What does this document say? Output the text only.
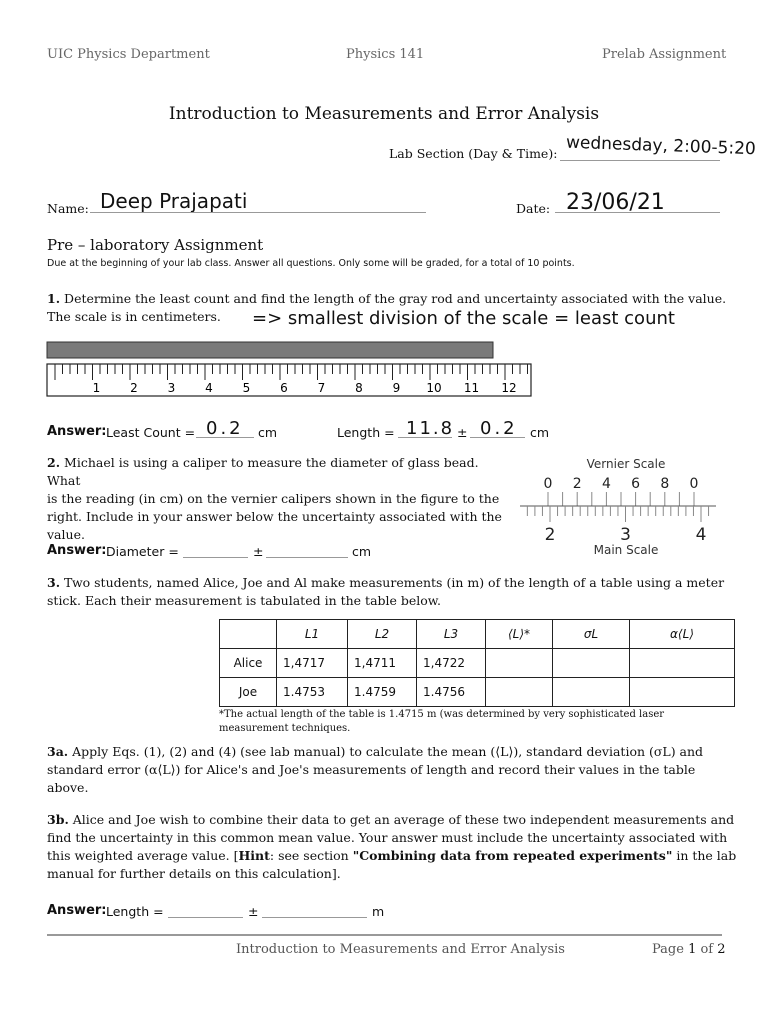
UIC Physics Department	Physics 141	Prelab Assignment
Introduction to Measurements and Error Analysis
Lab Section (Day & Time): wednesday, 2:00-5:20
Name: Deep Prajapati	Date: 23/06/21
Pre – laboratory Assignment
Due at the beginning of your lab class. Answer all questions. Only some will be graded, for a total of 10 points.
1. Determine the least count and find the length of the gray rod and uncertainty associated with the value.
The scale is in centimeters.	=> smallest division of the scale = least count
1 2 3 4 5 6 7 8 9 10 11 12
Answer: Least Count = 0.2 cm	Length = 11.8 ± 0.2 cm
2. Michael is using a caliper to measure the diameter of glass bead. What
is the reading (in cm) on the vernier calipers shown in the figure to the
right. Include in your answer below the uncertainty associated with the
value.
Vernier Scale
0 2 4 6 8 0
2	3	4
Main Scale
Answer: Diameter =	±	cm
3. Two students, named Alice, Joe and Al make measurements (in m) of the length of a table using a meter
stick. Each their measurement is tabulated in the table below.
	L1	L2	L3	⟨L⟩*	σL	α⟨L⟩
Alice	1,4717	1,4711	1,4722			
Joe	1.4753	1.4759	1.4756			
*The actual length of the table is 1.4715 m (was determined by very sophisticated laser
measurement techniques.
3a. Apply Eqs. (1), (2) and (4) (see lab manual) to calculate the mean (⟨L⟩), standard deviation (σL) and
standard error (α⟨L⟩) for Alice's and Joe's measurements of length and record their values in the table
above.
3b. Alice and Joe wish to combine their data to get an average of these two independent measurements and
find the uncertainty in this common mean value. Your answer must include the uncertainty associated with
this weighted average value. [Hint: see section "Combining data from repeated experiments" in the lab
manual for further details on this calculation].
Answer: Length =	±	m
Introduction to Measurements and Error Analysis	Page 1 of 2
